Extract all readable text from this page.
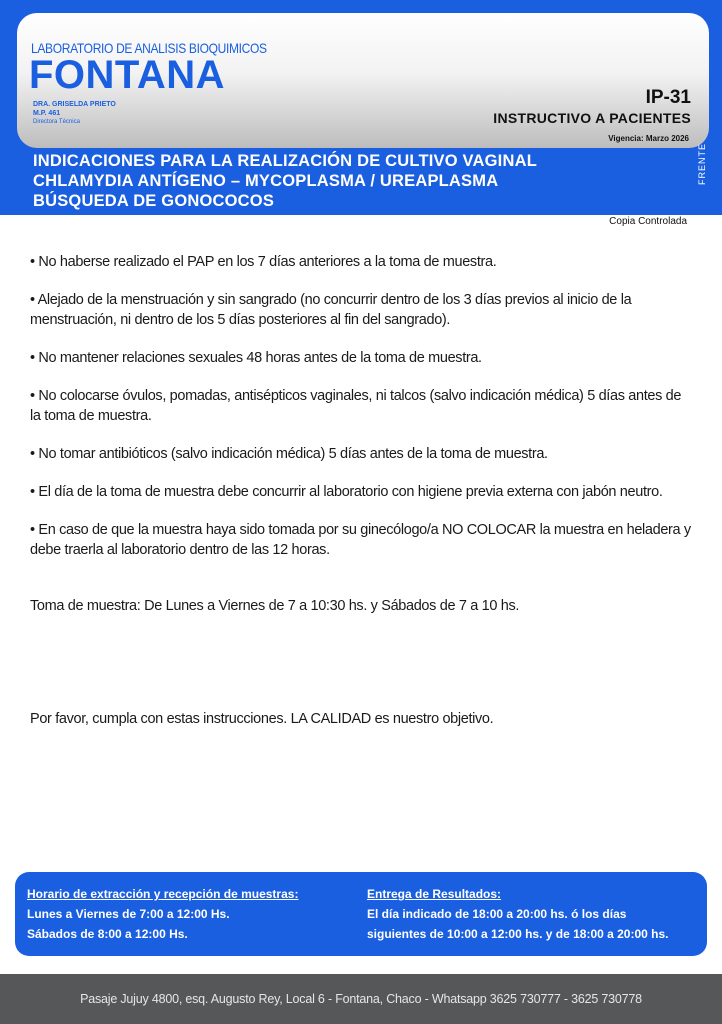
LABORATORIO DE ANALISIS BIOQUIMICOS
FONTANA
DRA. GRISELDA PRIETO
M.P. 461
Directora Técnica
IP-31
INSTRUCTIVO A PACIENTES
Vigencia: Marzo 2026
INDICACIONES PARA LA REALIZACIÓN DE CULTIVO VAGINAL
CHLAMYDIA ANTÍGENO – MYCOPLASMA / UREAPLASMA
BÚSQUEDA DE GONOCOCOS
FRENTE
Copia Controlada

• No haberse realizado el PAP en los 7 días anteriores a la toma de muestra.

• Alejado de la menstruación y sin sangrado (no concurrir dentro de los 3 días previos al inicio de la menstruación, ni dentro de los 5 días posteriores al fin del sangrado).

• No mantener relaciones sexuales 48 horas antes de la toma de muestra.

• No colocarse óvulos, pomadas, antisépticos vaginales, ni talcos (salvo indicación médica) 5 días antes de la toma de muestra.

• No tomar antibióticos (salvo indicación médica) 5 días antes de la toma de muestra.

• El día de la toma de muestra debe concurrir al laboratorio con higiene previa externa con jabón neutro.

• En caso de que la muestra haya sido tomada por su ginecólogo/a NO COLOCAR la muestra en heladera y debe traerla al laboratorio dentro de las 12 horas.

Toma de muestra: De Lunes a Viernes de 7 a 10:30 hs. y Sábados de 7 a 10 hs.
Por favor, cumpla con estas instrucciones. LA CALIDAD es nuestro objetivo.
Horario de extracción y recepción de muestras:
Lunes a Viernes de 7:00 a 12:00 Hs.
Sábados de 8:00 a 12:00 Hs.
Entrega de Resultados:
El día indicado de 18:00 a 20:00 hs. ó los días
siguientes de 10:00 a 12:00 hs. y de 18:00 a 20:00 hs.
Pasaje Jujuy 4800, esq. Augusto Rey, Local 6 - Fontana, Chaco - Whatsapp 3625 730777 - 3625 730778
